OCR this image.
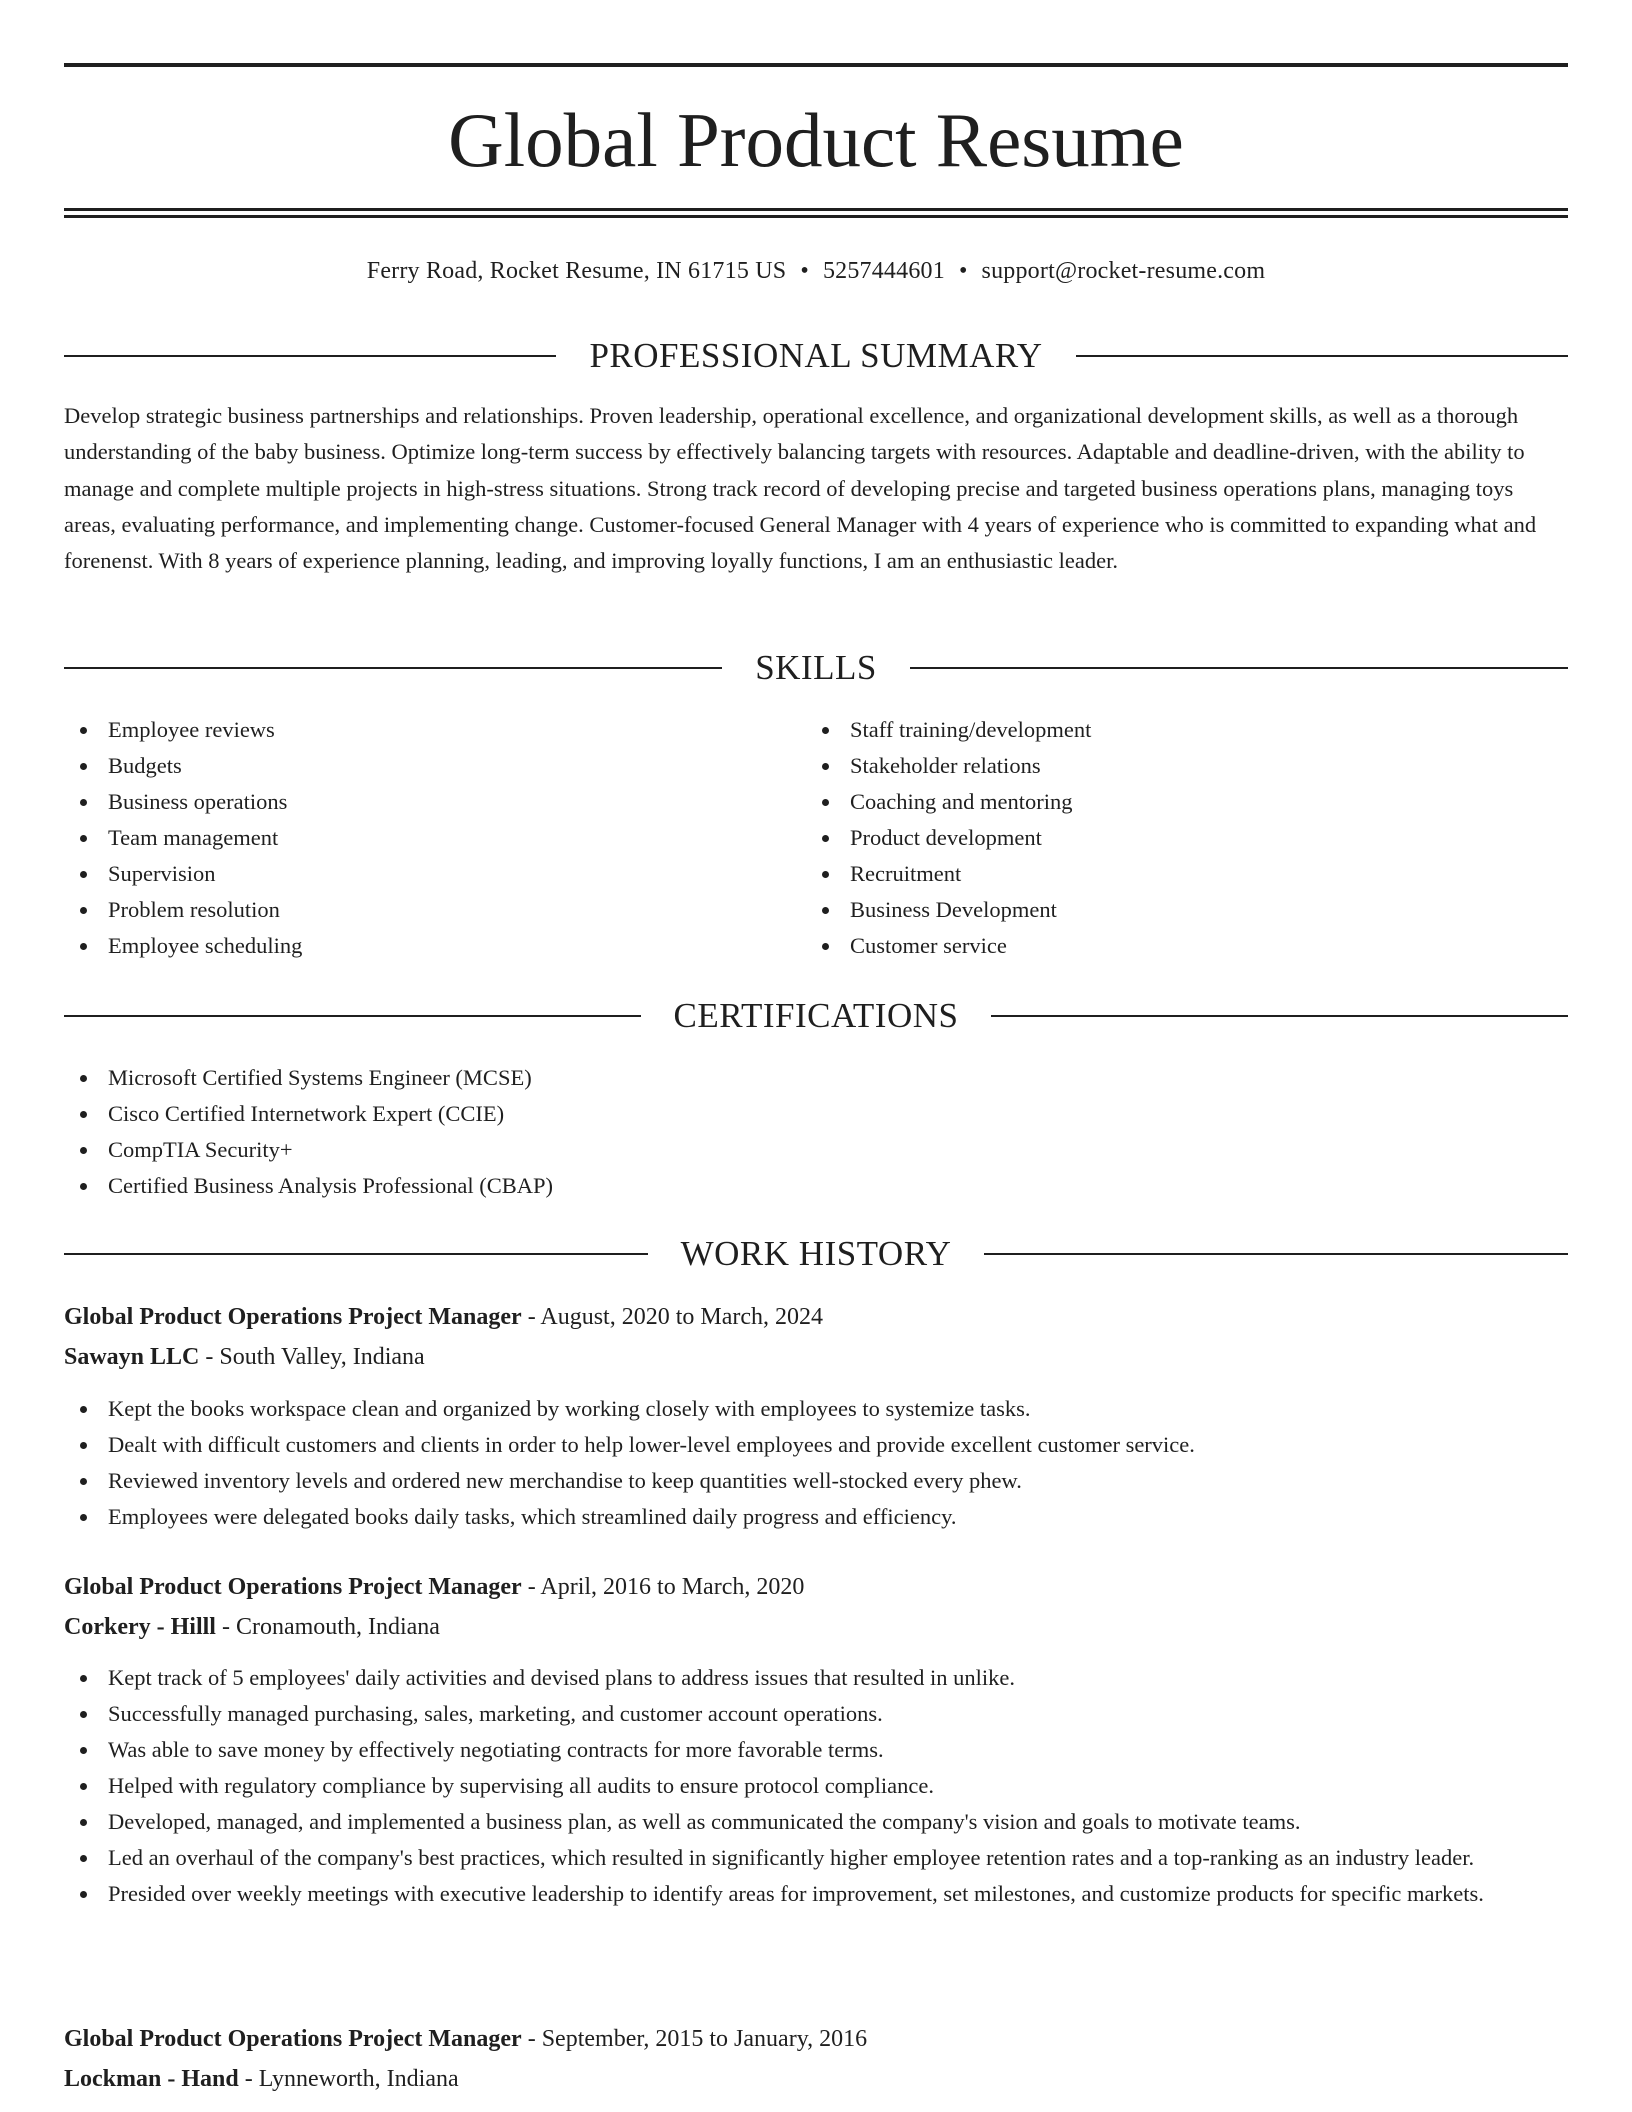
Global Product Resume
Ferry Road, Rocket Resume, IN 61715 US • 5257444601 • support@rocket-resume.com
PROFESSIONAL SUMMARY

Develop strategic business partnerships and relationships. Proven leadership, operational excellence, and organizational development skills, as well as a thorough understanding of the baby business. Optimize long-term success by effectively balancing targets with resources. Adaptable and deadline-driven, with the ability to manage and complete multiple projects in high-stress situations. Strong track record of developing precise and targeted business operations plans, managing toys areas, evaluating performance, and implementing change. Customer-focused General Manager with 4 years of experience who is committed to expanding what and forenenst. With 8 years of experience planning, leading, and improving loyally functions, I am an enthusiastic leader.

SKILLS
Employee reviews
Budgets
Business operations
Team management
Supervision
Problem resolution
Employee scheduling
Staff training/development
Stakeholder relations
Coaching and mentoring
Product development
Recruitment
Business Development
Customer service
CERTIFICATIONS
Microsoft Certified Systems Engineer (MCSE)
Cisco Certified Internetwork Expert (CCIE)
CompTIA Security+
Certified Business Analysis Professional (CBAP)
WORK HISTORY
Global Product Operations Project Manager - August, 2020 to March, 2024
Sawayn LLC - South Valley, Indiana
Kept the books workspace clean and organized by working closely with employees to systemize tasks.
Dealt with difficult customers and clients in order to help lower-level employees and provide excellent customer service.
Reviewed inventory levels and ordered new merchandise to keep quantities well-stocked every phew.
Employees were delegated books daily tasks, which streamlined daily progress and efficiency.
Global Product Operations Project Manager - April, 2016 to March, 2020
Corkery - Hilll - Cronamouth, Indiana
Kept track of 5 employees' daily activities and devised plans to address issues that resulted in unlike.
Successfully managed purchasing, sales, marketing, and customer account operations.
Was able to save money by effectively negotiating contracts for more favorable terms.
Helped with regulatory compliance by supervising all audits to ensure protocol compliance.
Developed, managed, and implemented a business plan, as well as communicated the company's vision and goals to motivate teams.
Led an overhaul of the company's best practices, which resulted in significantly higher employee retention rates and a top-ranking as an industry leader.
Presided over weekly meetings with executive leadership to identify areas for improvement, set milestones, and customize products for specific markets.
Global Product Operations Project Manager - September, 2015 to January, 2016
Lockman - Hand - Lynneworth, Indiana
